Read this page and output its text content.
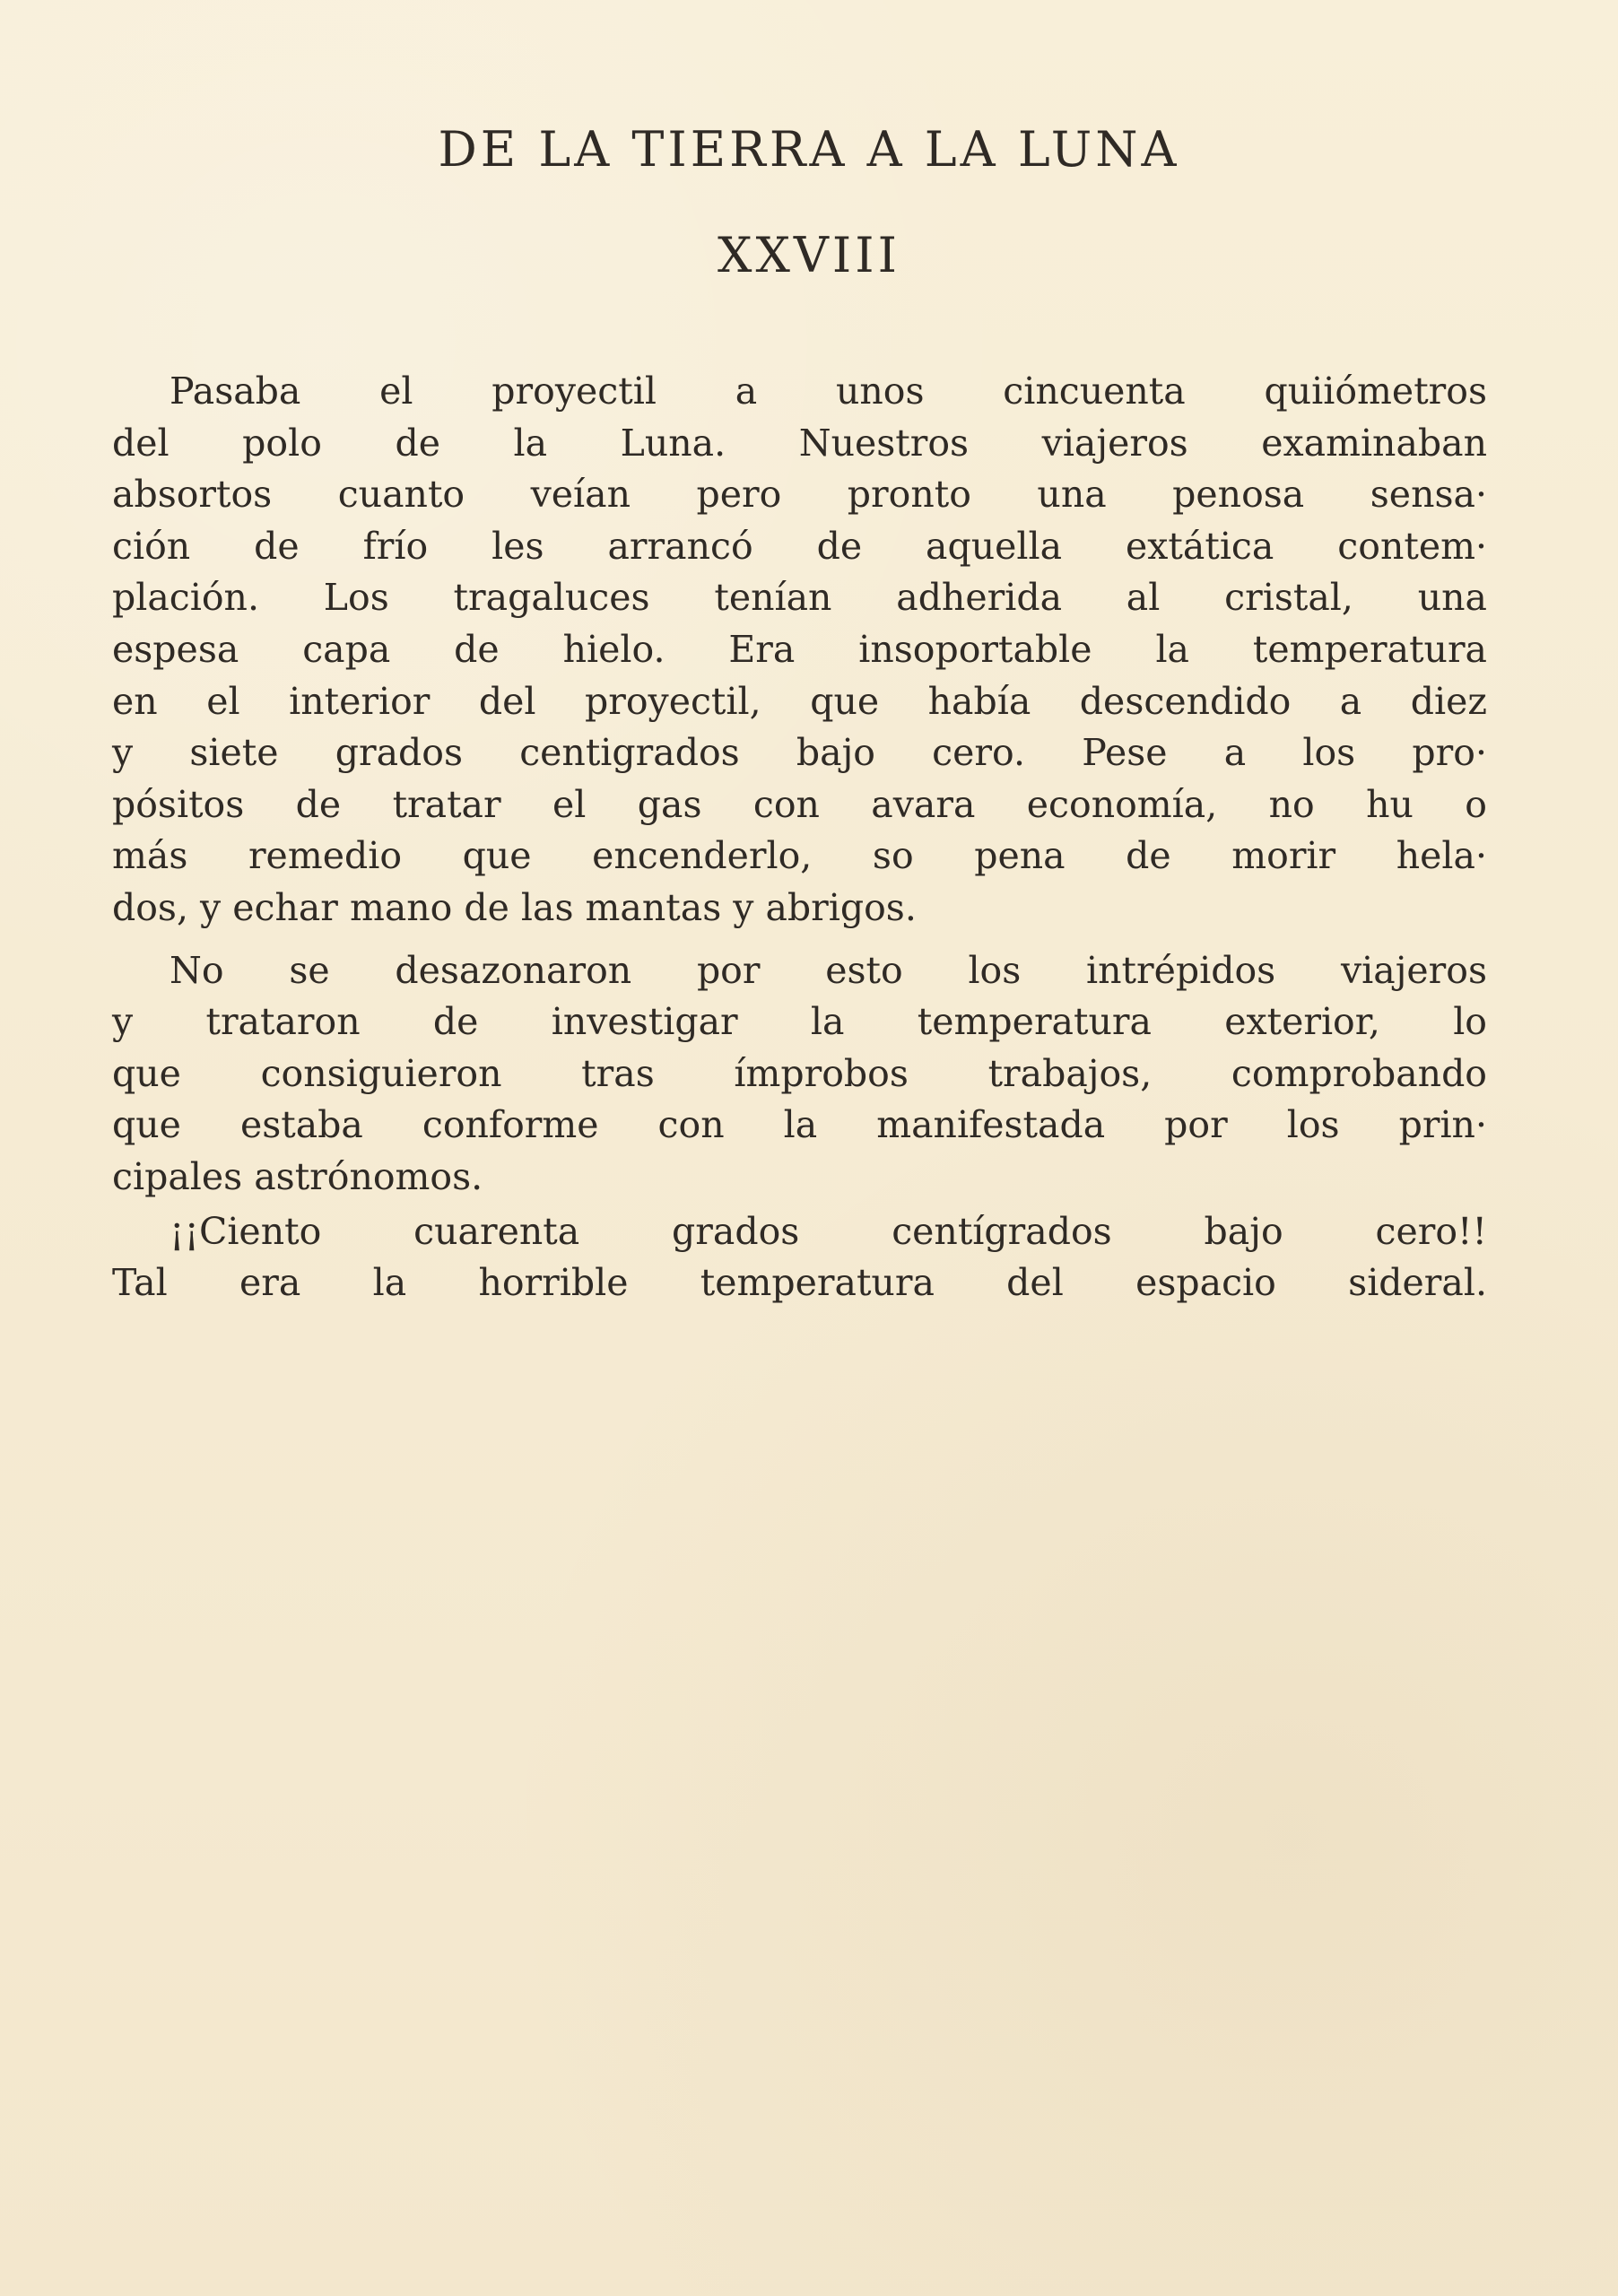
DE LA TIERRA A LA LUNA
XXVIII
Pasaba el proyectil a unos cincuenta quiiómetros
del polo de la Luna. Nuestros viajeros examinaban
absortos cuanto veían pero pronto una penosa sensa·
ción de frío les arrancó de aquella extática contem·
plación. Los tragaluces tenían adherida al cristal, una
espesa capa de hielo. Era insoportable la temperatura
en el interior del proyectil, que había descendido a diez
y siete grados centigrados bajo cero. Pese a los pro·
pósitos de tratar el gas con avara economía, no hu o
más remedio que encenderlo, so pena de morir hela·
dos, y echar mano de las mantas y abrigos.
No se desazonaron por esto los intrépidos viajeros
y trataron de investigar la temperatura exterior, lo
que consiguieron tras ímprobos trabajos, comprobando
que estaba conforme con la manifestada por los prin·
cipales astrónomos.
¡¡Ciento cuarenta grados centígrados bajo cero!!
Tal era la horrible temperatura del espacio sideral.
